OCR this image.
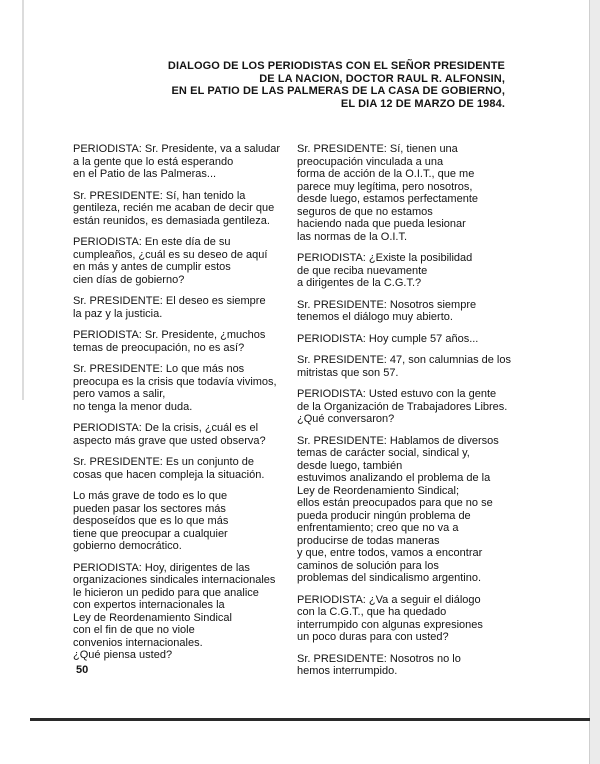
DIALOGO DE LOS PERIODISTAS CON EL SEÑOR PRESIDENTE
DE LA NACION, DOCTOR RAUL R. ALFONSIN,
EN EL PATIO DE LAS PALMERAS DE LA CASA DE GOBIERNO,
EL DIA 12 DE MARZO DE 1984.
PERIODISTA: Sr. Presidente, va a saludar
a la gente que lo está esperando
en el Patio de las Palmeras...
Sr. PRESIDENTE: Sí, han tenido la
gentileza, recién me acaban de decir que
están reunidos, es demasiada gentileza.
PERIODISTA: En este día de su
cumpleaños, ¿cuál es su deseo de aquí
en más y antes de cumplir estos
cien días de gobierno?
Sr. PRESIDENTE: El deseo es siempre
la paz y la justicia.
PERIODISTA: Sr. Presidente, ¿muchos
temas de preocupación, no es así?
Sr. PRESIDENTE: Lo que más nos
preocupa es la crisis que todavía vivimos,
pero vamos a salir,
no tenga la menor duda.
PERIODISTA: De la crisis, ¿cuál es el
aspecto más grave que usted observa?
Sr. PRESIDENTE: Es un conjunto de
cosas que hacen compleja la situación.
Lo más grave de todo es lo que
pueden pasar los sectores más
desposeídos que es lo que más
tiene que preocupar a cualquier
gobierno democrático.
PERIODISTA: Hoy, dirigentes de las
organizaciones sindicales internacionales
le hicieron un pedido para que analice
con expertos internacionales la
Ley de Reordenamiento Sindical
con el fin de que no viole
convenios internacionales.
¿Qué piensa usted?
Sr. PRESIDENTE: Sí, tienen una
preocupación vinculada a una
forma de acción de la O.I.T., que me
parece muy legítima, pero nosotros,
desde luego, estamos perfectamente
seguros de que no estamos
haciendo nada que pueda lesionar
las normas de la O.I.T.
PERIODISTA: ¿Existe la posibilidad
de que reciba nuevamente
a dirigentes de la C.G.T.?
Sr. PRESIDENTE: Nosotros siempre
tenemos el diálogo muy abierto.
PERIODISTA: Hoy cumple 57 años...
Sr. PRESIDENTE: 47, son calumnias de los
mitristas que son 57.
PERIODISTA: Usted estuvo con la gente
de la Organización de Trabajadores Libres.
¿Qué conversaron?
Sr. PRESIDENTE: Hablamos de diversos
temas de carácter social, sindical y,
desde luego, también
estuvimos analizando el problema de la
Ley de Reordenamiento Sindical;
ellos están preocupados para que no se
pueda producir ningún problema de
enfrentamiento; creo que no va a
producirse de todas maneras
y que, entre todos, vamos a encontrar
caminos de solución para los
problemas del sindicalismo argentino.
PERIODISTA: ¿Va a seguir el diálogo
con la C.G.T., que ha quedado
interrumpido con algunas expresiones
un poco duras para con usted?
Sr. PRESIDENTE: Nosotros no lo
hemos interrumpido.
50
